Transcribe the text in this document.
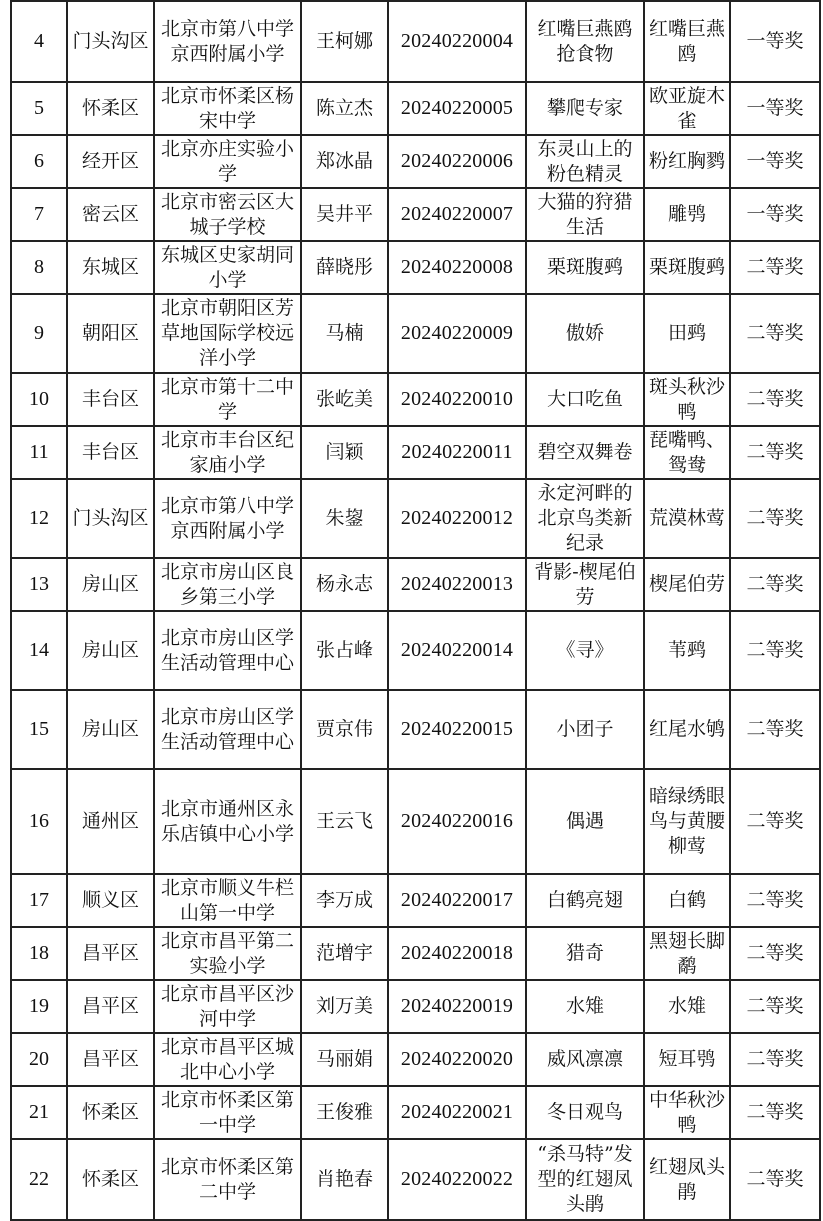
4	门头沟区	北京市第八中学京西附属小学	王柯娜	20240220004	红嘴巨燕鸥抢食物	红嘴巨燕鸥	一等奖
5	怀柔区	北京市怀柔区杨宋中学	陈立杰	20240220005	攀爬专家	欧亚旋木雀	一等奖
6	经开区	北京亦庄实验小学	郑冰晶	20240220006	东灵山上的粉色精灵	粉红胸鹨	一等奖
7	密云区	北京市密云区大城子学校	吴井平	20240220007	大猫的狩猎生活	雕鸮	一等奖
8	东城区	东城区史家胡同小学	薛晓彤	20240220008	栗斑腹鹀	栗斑腹鹀	二等奖
9	朝阳区	北京市朝阳区芳草地国际学校远洋小学	马楠	20240220009	傲娇	田鹀	二等奖
10	丰台区	北京市第十二中学	张屹美	20240220010	大口吃鱼	斑头秋沙鸭	二等奖
11	丰台区	北京市丰台区纪家庙小学	闫颖	20240220011	碧空双舞卷	琵嘴鸭、鸳鸯	二等奖
12	门头沟区	北京市第八中学京西附属小学	朱鋆	20240220012	永定河畔的北京鸟类新纪录	荒漠林莺	二等奖
13	房山区	北京市房山区良乡第三小学	杨永志	20240220013	背影-楔尾伯劳	楔尾伯劳	二等奖
14	房山区	北京市房山区学生活动管理中心	张占峰	20240220014	《寻》	苇鹀	二等奖
15	房山区	北京市房山区学生活动管理中心	贾京伟	20240220015	小团子	红尾水鸲	二等奖
16	通州区	北京市通州区永乐店镇中心小学	王云飞	20240220016	偶遇	暗绿绣眼鸟与黄腰柳莺	二等奖
17	顺义区	北京市顺义牛栏山第一中学	李万成	20240220017	白鹤亮翅	白鹤	二等奖
18	昌平区	北京市昌平第二实验小学	范增宇	20240220018	猎奇	黑翅长脚鹬	二等奖
19	昌平区	北京市昌平区沙河中学	刘万美	20240220019	水雉	水雉	二等奖
20	昌平区	北京市昌平区城北中心小学	马丽娟	20240220020	威风凛凛	短耳鸮	二等奖
21	怀柔区	北京市怀柔区第一中学	王俊雅	20240220021	冬日观鸟	中华秋沙鸭	二等奖
22	怀柔区	北京市怀柔区第二中学	肖艳春	20240220022	“杀马特”发型的红翅凤头鹃	红翅凤头鹃	二等奖
